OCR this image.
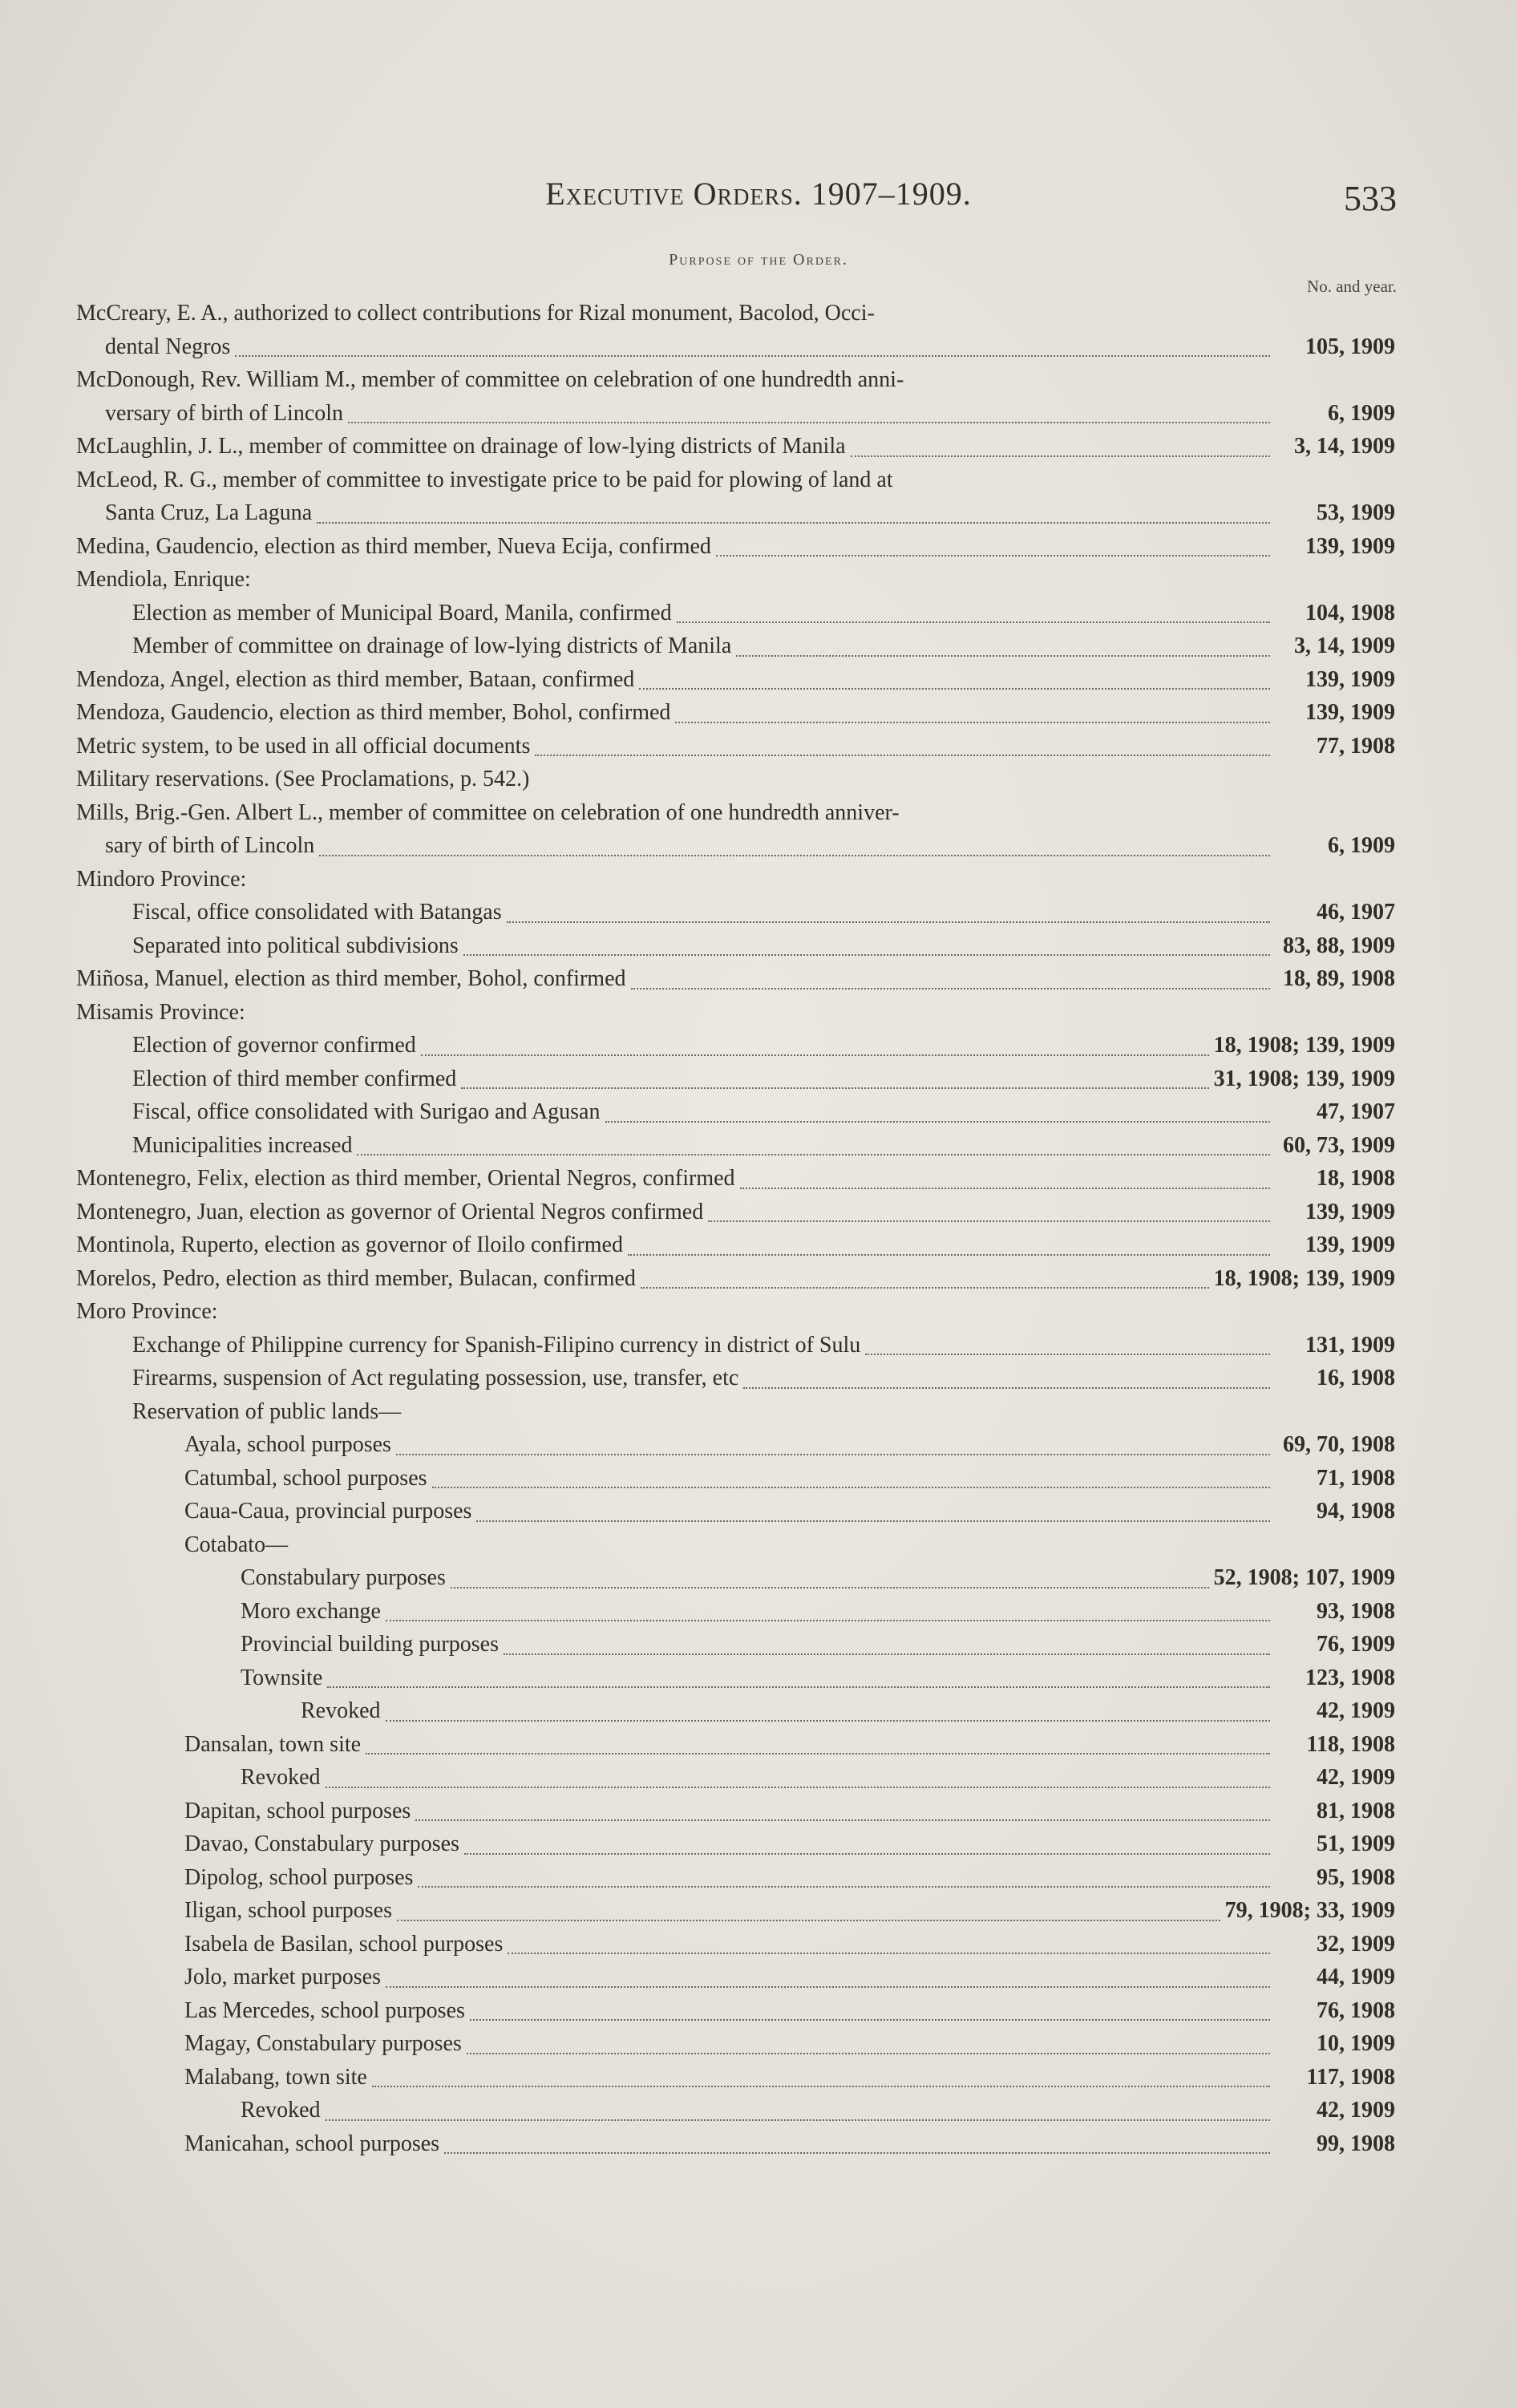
Executive Orders. 1907–1909.	533
Purpose of the Order.
No. and year.
McCreary, E. A., authorized to collect contributions for Rizal monument, Bacolod, Occi-
dental Negros	105, 1909
McDonough, Rev. William M., member of committee on celebration of one hundredth anni-
versary of birth of Lincoln	6, 1909
McLaughlin, J. L., member of committee on drainage of low-lying districts of Manila	3, 14, 1909
McLeod, R. G., member of committee to investigate price to be paid for plowing of land at
Santa Cruz, La Laguna	53, 1909
Medina, Gaudencio, election as third member, Nueva Ecija, confirmed	139, 1909
Mendiola, Enrique:
Election as member of Municipal Board, Manila, confirmed	104, 1908
Member of committee on drainage of low-lying districts of Manila	3, 14, 1909
Mendoza, Angel, election as third member, Bataan, confirmed	139, 1909
Mendoza, Gaudencio, election as third member, Bohol, confirmed	139, 1909
Metric system, to be used in all official documents	77, 1908
Military reservations. (See Proclamations, p. 542.)
Mills, Brig.-Gen. Albert L., member of committee on celebration of one hundredth anniver-
sary of birth of Lincoln	6, 1909
Mindoro Province:
Fiscal, office consolidated with Batangas	46, 1907
Separated into political subdivisions	83, 88, 1909
Miñosa, Manuel, election as third member, Bohol, confirmed	18, 89, 1908
Misamis Province:
Election of governor confirmed	18, 1908; 139, 1909
Election of third member confirmed	31, 1908; 139, 1909
Fiscal, office consolidated with Surigao and Agusan	47, 1907
Municipalities increased	60, 73, 1909
Montenegro, Felix, election as third member, Oriental Negros, confirmed	18, 1908
Montenegro, Juan, election as governor of Oriental Negros confirmed	139, 1909
Montinola, Ruperto, election as governor of Iloilo confirmed	139, 1909
Morelos, Pedro, election as third member, Bulacan, confirmed	18, 1908; 139, 1909
Moro Province:
Exchange of Philippine currency for Spanish-Filipino currency in district of Sulu	131, 1909
Firearms, suspension of Act regulating possession, use, transfer, etc	16, 1908
Reservation of public lands—
Ayala, school purposes	69, 70, 1908
Catumbal, school purposes	71, 1908
Caua-Caua, provincial purposes	94, 1908
Cotabato—
Constabulary purposes	52, 1908; 107, 1909
Moro exchange	93, 1908
Provincial building purposes	76, 1909
Townsite	123, 1908
Revoked	42, 1909
Dansalan, town site	118, 1908
Revoked	42, 1909
Dapitan, school purposes	81, 1908
Davao, Constabulary purposes	51, 1909
Dipolog, school purposes	95, 1908
Iligan, school purposes	79, 1908; 33, 1909
Isabela de Basilan, school purposes	32, 1909
Jolo, market purposes	44, 1909
Las Mercedes, school purposes	76, 1908
Magay, Constabulary purposes	10, 1909
Malabang, town site	117, 1908
Revoked	42, 1909
Manicahan, school purposes	99, 1908
